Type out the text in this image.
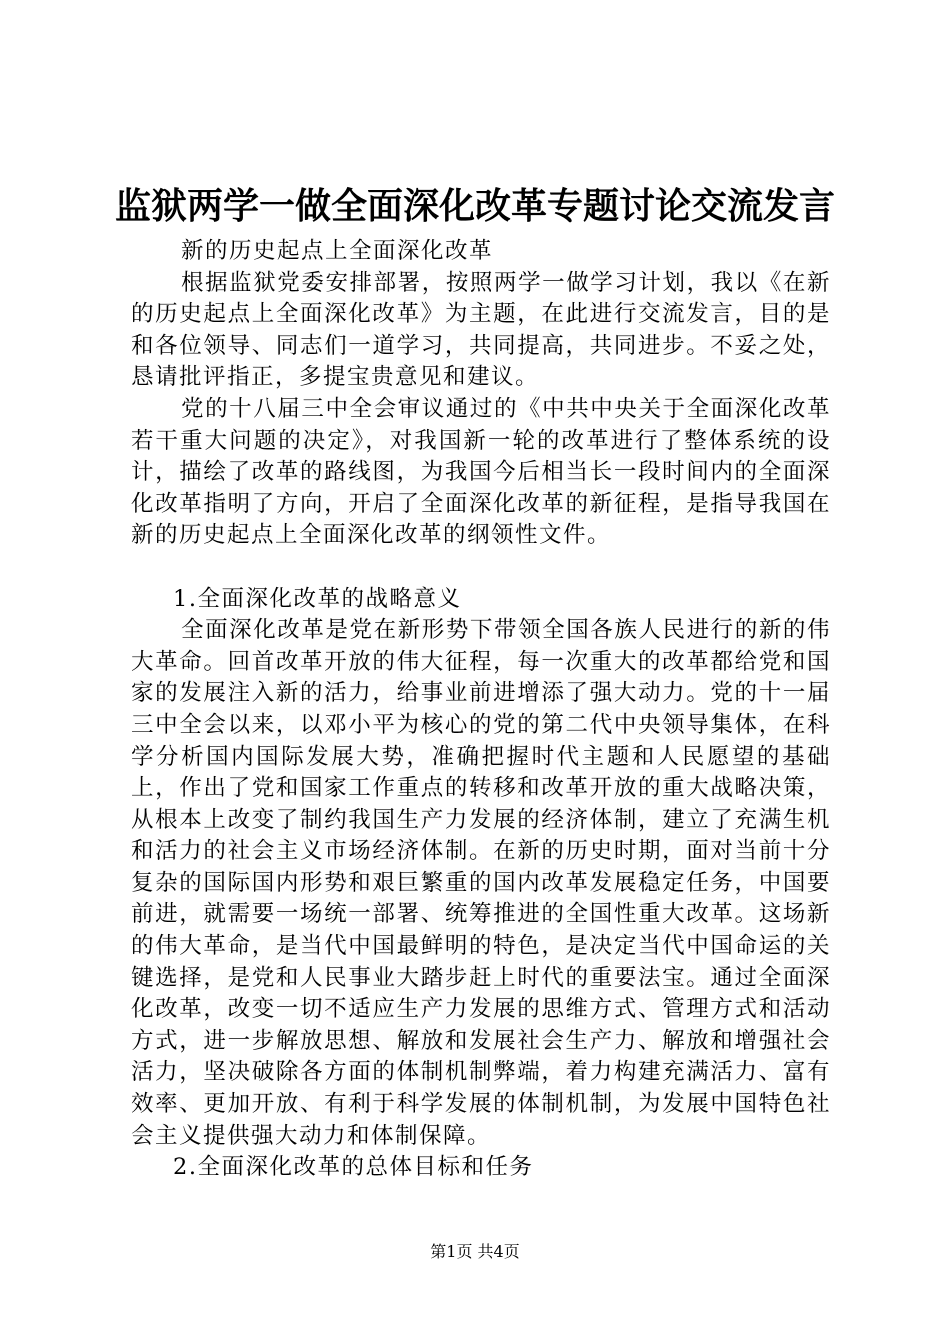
监狱两学一做全面深化改革专题讨论交流发言

新的历史起点上全面深化改革

根据监狱党委安排部署，按照两学一做学习计划，我以《在新的历史起点上全面深化改革》为主题，在此进行交流发言，目的是和各位领导、同志们一道学习，共同提高，共同进步。不妥之处，恳请批评指正，多提宝贵意见和建议。

党的十八届三中全会审议通过的《中共中央关于全面深化改革若干重大问题的决定》，对我国新一轮的改革进行了整体系统的设计，描绘了改革的路线图，为我国今后相当长一段时间内的全面深化改革指明了方向，开启了全面深化改革的新征程，是指导我国在新的历史起点上全面深化改革的纲领性文件。

1.全面深化改革的战略意义

全面深化改革是党在新形势下带领全国各族人民进行的新的伟大革命。回首改革开放的伟大征程，每一次重大的改革都给党和国家的发展注入新的活力，给事业前进增添了强大动力。党的十一届三中全会以来，以邓小平为核心的党的第二代中央领导集体，在科学分析国内国际发展大势，准确把握时代主题和人民愿望的基础上，作出了党和国家工作重点的转移和改革开放的重大战略决策，从根本上改变了制约我国生产力发展的经济体制，建立了充满生机和活力的社会主义市场经济体制。在新的历史时期，面对当前十分复杂的国际国内形势和艰巨繁重的国内改革发展稳定任务，中国要前进，就需要一场统一部署、统筹推进的全国性重大改革。这场新的伟大革命，是当代中国最鲜明的特色，是决定当代中国命运的关键选择，是党和人民事业大踏步赶上时代的重要法宝。通过全面深化改革，改变一切不适应生产力发展的思维方式、管理方式和活动方式，进一步解放思想、解放和发展社会生产力、解放和增强社会活力，坚决破除各方面的体制机制弊端，着力构建充满活力、富有效率、更加开放、有利于科学发展的体制机制，为发展中国特色社会主义提供强大动力和体制保障。

2.全面深化改革的总体目标和任务

第1页 共4页
